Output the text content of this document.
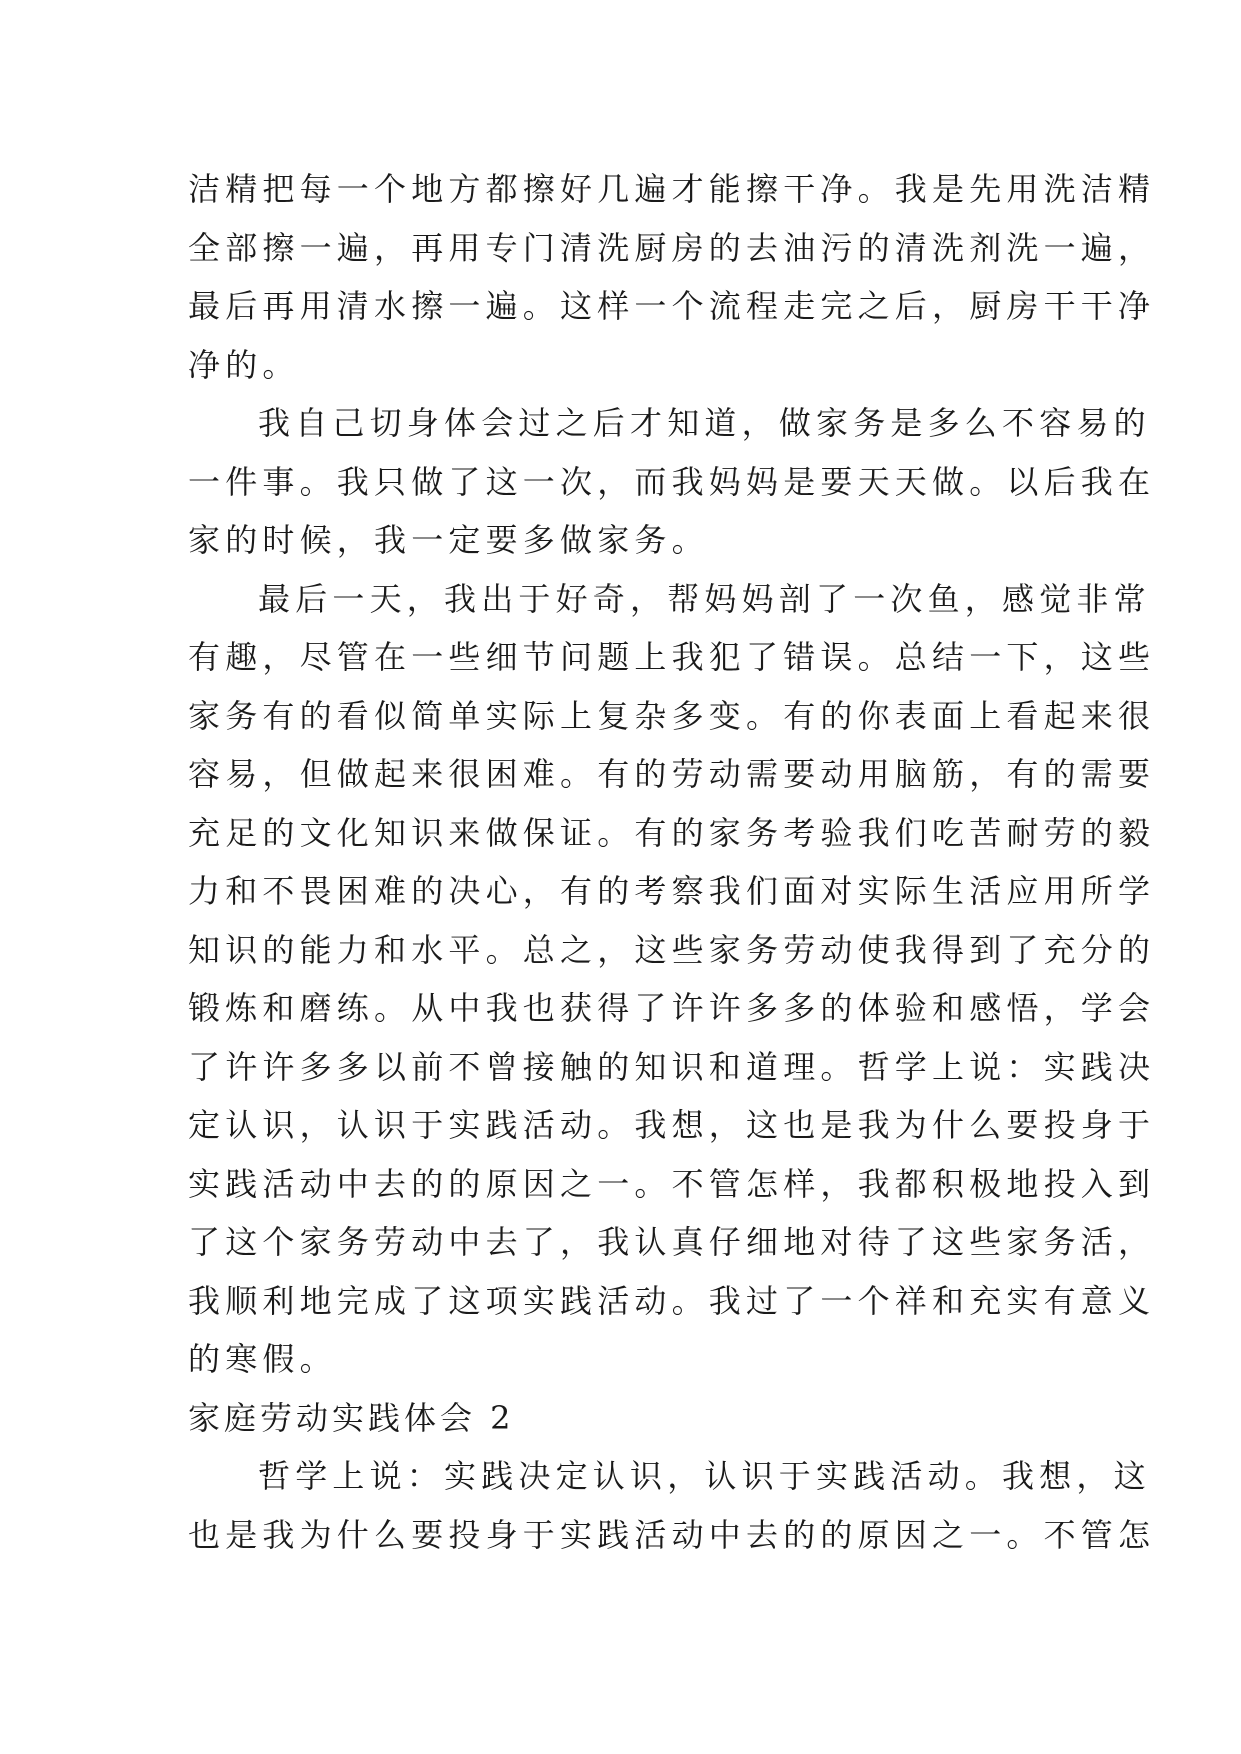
洁精把每一个地方都擦好几遍才能擦干净。我是先用洗洁精
全部擦一遍，再用专门清洗厨房的去油污的清洗剂洗一遍，
最后再用清水擦一遍。这样一个流程走完之后，厨房干干净
净的。
我自己切身体会过之后才知道，做家务是多么不容易的
一件事。我只做了这一次，而我妈妈是要天天做。以后我在
家的时候，我一定要多做家务。
最后一天，我出于好奇，帮妈妈剖了一次鱼，感觉非常
有趣，尽管在一些细节问题上我犯了错误。总结一下，这些
家务有的看似简单实际上复杂多变。有的你表面上看起来很
容易，但做起来很困难。有的劳动需要动用脑筋，有的需要
充足的文化知识来做保证。有的家务考验我们吃苦耐劳的毅
力和不畏困难的决心，有的考察我们面对实际生活应用所学
知识的能力和水平。总之，这些家务劳动使我得到了充分的
锻炼和磨练。从中我也获得了许许多多的体验和感悟，学会
了许许多多以前不曾接触的知识和道理。哲学上说：实践决
定认识，认识于实践活动。我想，这也是我为什么要投身于
实践活动中去的的原因之一。不管怎样，我都积极地投入到
了这个家务劳动中去了，我认真仔细地对待了这些家务活，
我顺利地完成了这项实践活动。我过了一个祥和充实有意义
的寒假。
家庭劳动实践体会 2
哲学上说：实践决定认识，认识于实践活动。我想，这
也是我为什么要投身于实践活动中去的的原因之一。不管怎
